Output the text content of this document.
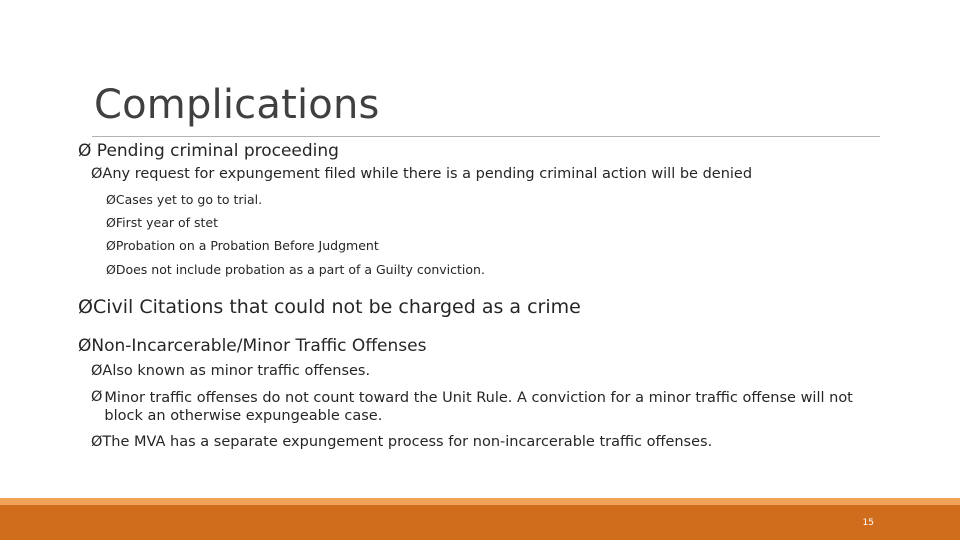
Complications
Ø Pending criminal proceeding
ØAny request for expungement filed while there is a pending criminal action will be denied
ØCases yet to go to trial.
ØFirst year of stet
ØProbation on a Probation Before Judgment
ØDoes not include probation as a part of a Guilty conviction.
ØCivil Citations that could not be charged as a crime
ØNon-Incarcerable/Minor Traffic Offenses
ØAlso known as minor traffic offenses.
Ø Minor traffic offenses do not count toward the Unit Rule. A conviction for a minor traffic offense will not block an otherwise expungeable case.
ØThe MVA has a separate expungement process for non-incarcerable traffic offenses.
15
